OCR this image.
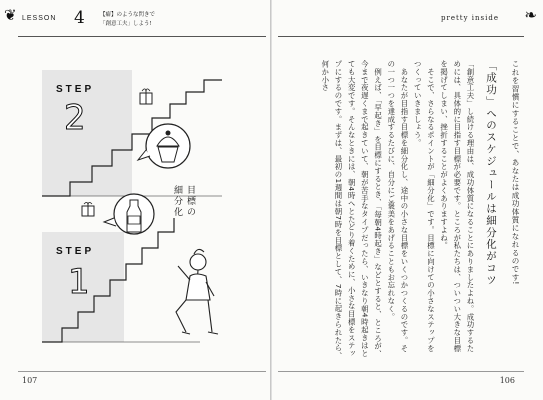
LESSON 4	【癖】のような閃きで
「創意工夫」しよう!
❦
STEP
2
STEP
1
目標の
細分化
107
pretty inside ❧
106
これを習慣にすることで、あなたは成功体質になれるのです!
「成功」へのスケジュールは細分化がコツ
「創意工夫」し続ける理由は、成功体質になることにありましたよね。成功するためには、具体的に目指す目標が必要です。ところが私たちは、ついつい大きな目標を掲げてしまい、挫折することがよくありますよね。
　そこで、さらなるポイントが「細分化」です。目標に向けての小さなステップをつくっていきましょう。
　あなたが目指す目標を細分化し、途中の小さな目標をいくつかつくるのです。その一つ一つを達成するたびに、自分にご褒美をあげることもお忘れなく。
　例えば、「早起き」を目標にするとき、「毎朝4時起き」などとすると、ところが、今まで夜遅くまで起きていて、朝が苦手なタイプだったら、いきなり朝4時起きはとても大変です。そんなときには、朝4時へとたどり着くために、小さな目標をステップにするのです。まずは、最初の1週間は朝7時を目標として、7時に起きられたら、何か小さ
